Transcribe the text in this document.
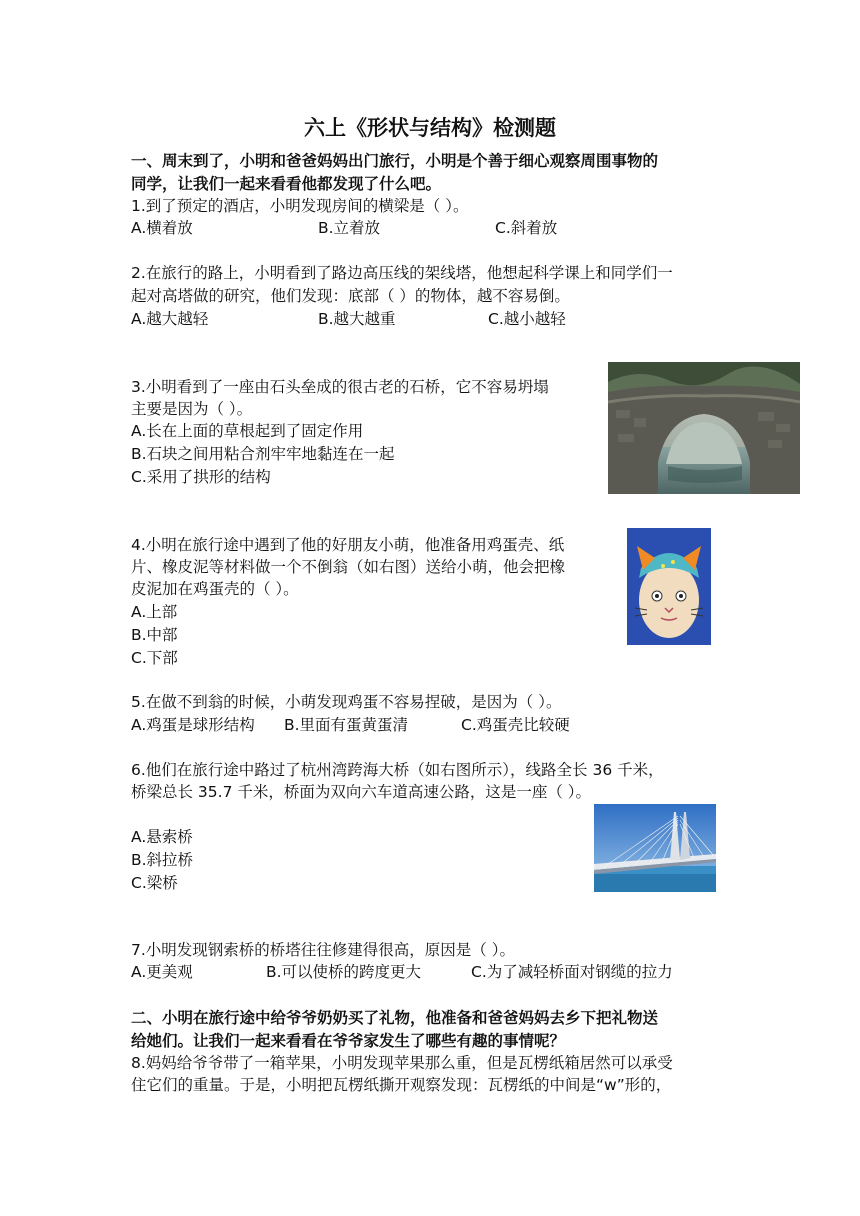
六上《形状与结构》检测题
一、周末到了，小明和爸爸妈妈出门旅行，小明是个善于细心观察周围事物的
同学，让我们一起来看看他都发现了什么吧。
1.到了预定的酒店，小明发现房间的横梁是（ ）。
A.横着放	B.立着放	C.斜着放
2.在旅行的路上，小明看到了路边高压线的架线塔，他想起科学课上和同学们一
起对高塔做的研究，他们发现：底部（ ）的物体，越不容易倒。
A.越大越轻	B.越大越重	C.越小越轻
3.小明看到了一座由石头垒成的很古老的石桥，它不容易坍塌
主要是因为（ ）。
A.长在上面的草根起到了固定作用
B.石块之间用粘合剂牢牢地黏连在一起
C.采用了拱形的结构
4.小明在旅行途中遇到了他的好朋友小萌，他准备用鸡蛋壳、纸
片、橡皮泥等材料做一个不倒翁（如右图）送给小萌，他会把橡
皮泥加在鸡蛋壳的（ ）。
A.上部
B.中部
C.下部
5.在做不到翁的时候，小萌发现鸡蛋不容易捏破，是因为（ ）。
A.鸡蛋是球形结构 B.里面有蛋黄蛋清	C.鸡蛋壳比较硬
6.他们在旅行途中路过了杭州湾跨海大桥（如右图所示），线路全长 36 千米，
桥梁总长 35.7 千米，桥面为双向六车道高速公路，这是一座（ ）。
A.悬索桥
B.斜拉桥
C.梁桥
7.小明发现钢索桥的桥塔往往修建得很高，原因是（ ）。
A.更美观	B.可以使桥的跨度更大	C.为了减轻桥面对钢缆的拉力
二、小明在旅行途中给爷爷奶奶买了礼物，他准备和爸爸妈妈去乡下把礼物送
给她们。让我们一起来看看在爷爷家发生了哪些有趣的事情呢？
8.妈妈给爷爷带了一箱苹果，小明发现苹果那么重，但是瓦楞纸箱居然可以承受
住它们的重量。于是，小明把瓦楞纸撕开观察发现：瓦楞纸的中间是“w”形的，
